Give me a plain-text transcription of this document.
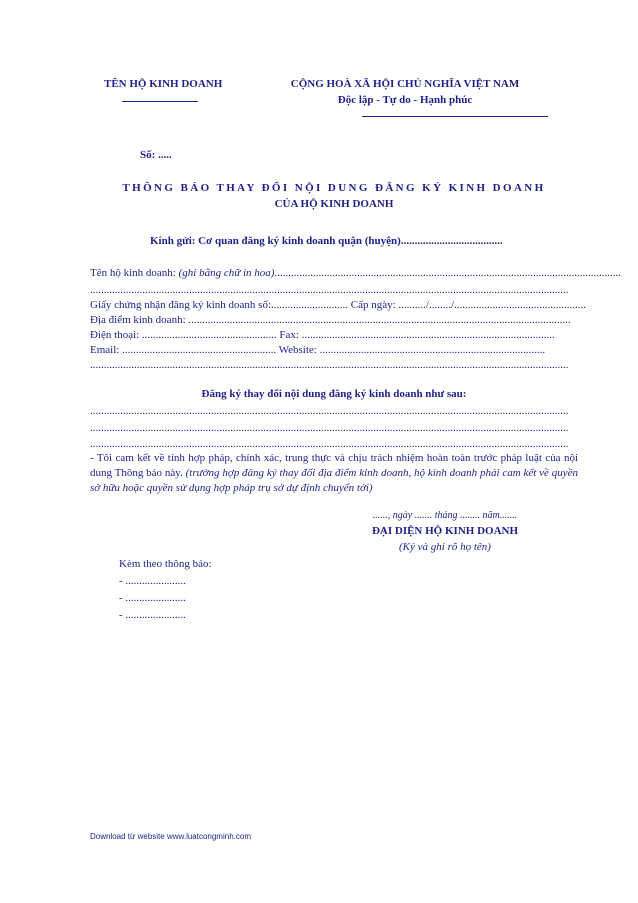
TÊN HỘ KINH DOANH	CỘNG HOÀ XÃ HỘI CHỦ NGHĨA VIỆT NAM
Độc lập - Tự do - Hạnh phúc
Số: .....
THÔNG BÁO THAY ĐỔI NỘI DUNG ĐĂNG KÝ KINH DOANH
CỦA HỘ KINH DOANH
Kính gửi: Cơ quan đăng ký kinh doanh quận (huyện).....................................
Tên hộ kinh doanh: (ghi bằng chữ in hoa)..............................................................................................................................
..............................................................................................................................................................................
Giấy chứng nhận đăng ký kinh doanh số:............................ Cấp ngày: ........../......../................................................
Địa điểm kinh doanh: ...........................................................................................................................................
Điện thoại: ................................................. Fax: ............................................................................................
Email: ........................................................ Website: ..................................................................................
..............................................................................................................................................................................
Đăng ký thay đổi nội dung đăng ký kinh doanh như sau:
..............................................................................................................................................................................
..............................................................................................................................................................................
..............................................................................................................................................................................
- Tôi cam kết về tính hợp pháp, chính xác, trung thực và chịu trách nhiệm hoàn toàn trước pháp luật của nội dung Thông báo này. (trường hợp đăng ký thay đổi địa điểm kinh doanh, hộ kinh doanh phải cam kết về quyền sở hữu hoặc quyền sử dụng hợp pháp trụ sở dự định chuyển tới)
......, ngày ....... tháng ........ năm.......
ĐẠI DIỆN HỘ KINH DOANH
(Ký và ghi rõ họ tên)
Kèm theo thông báo:
- ......................
- ......................
- ......................
Download từ website www.luatcongminh.com
